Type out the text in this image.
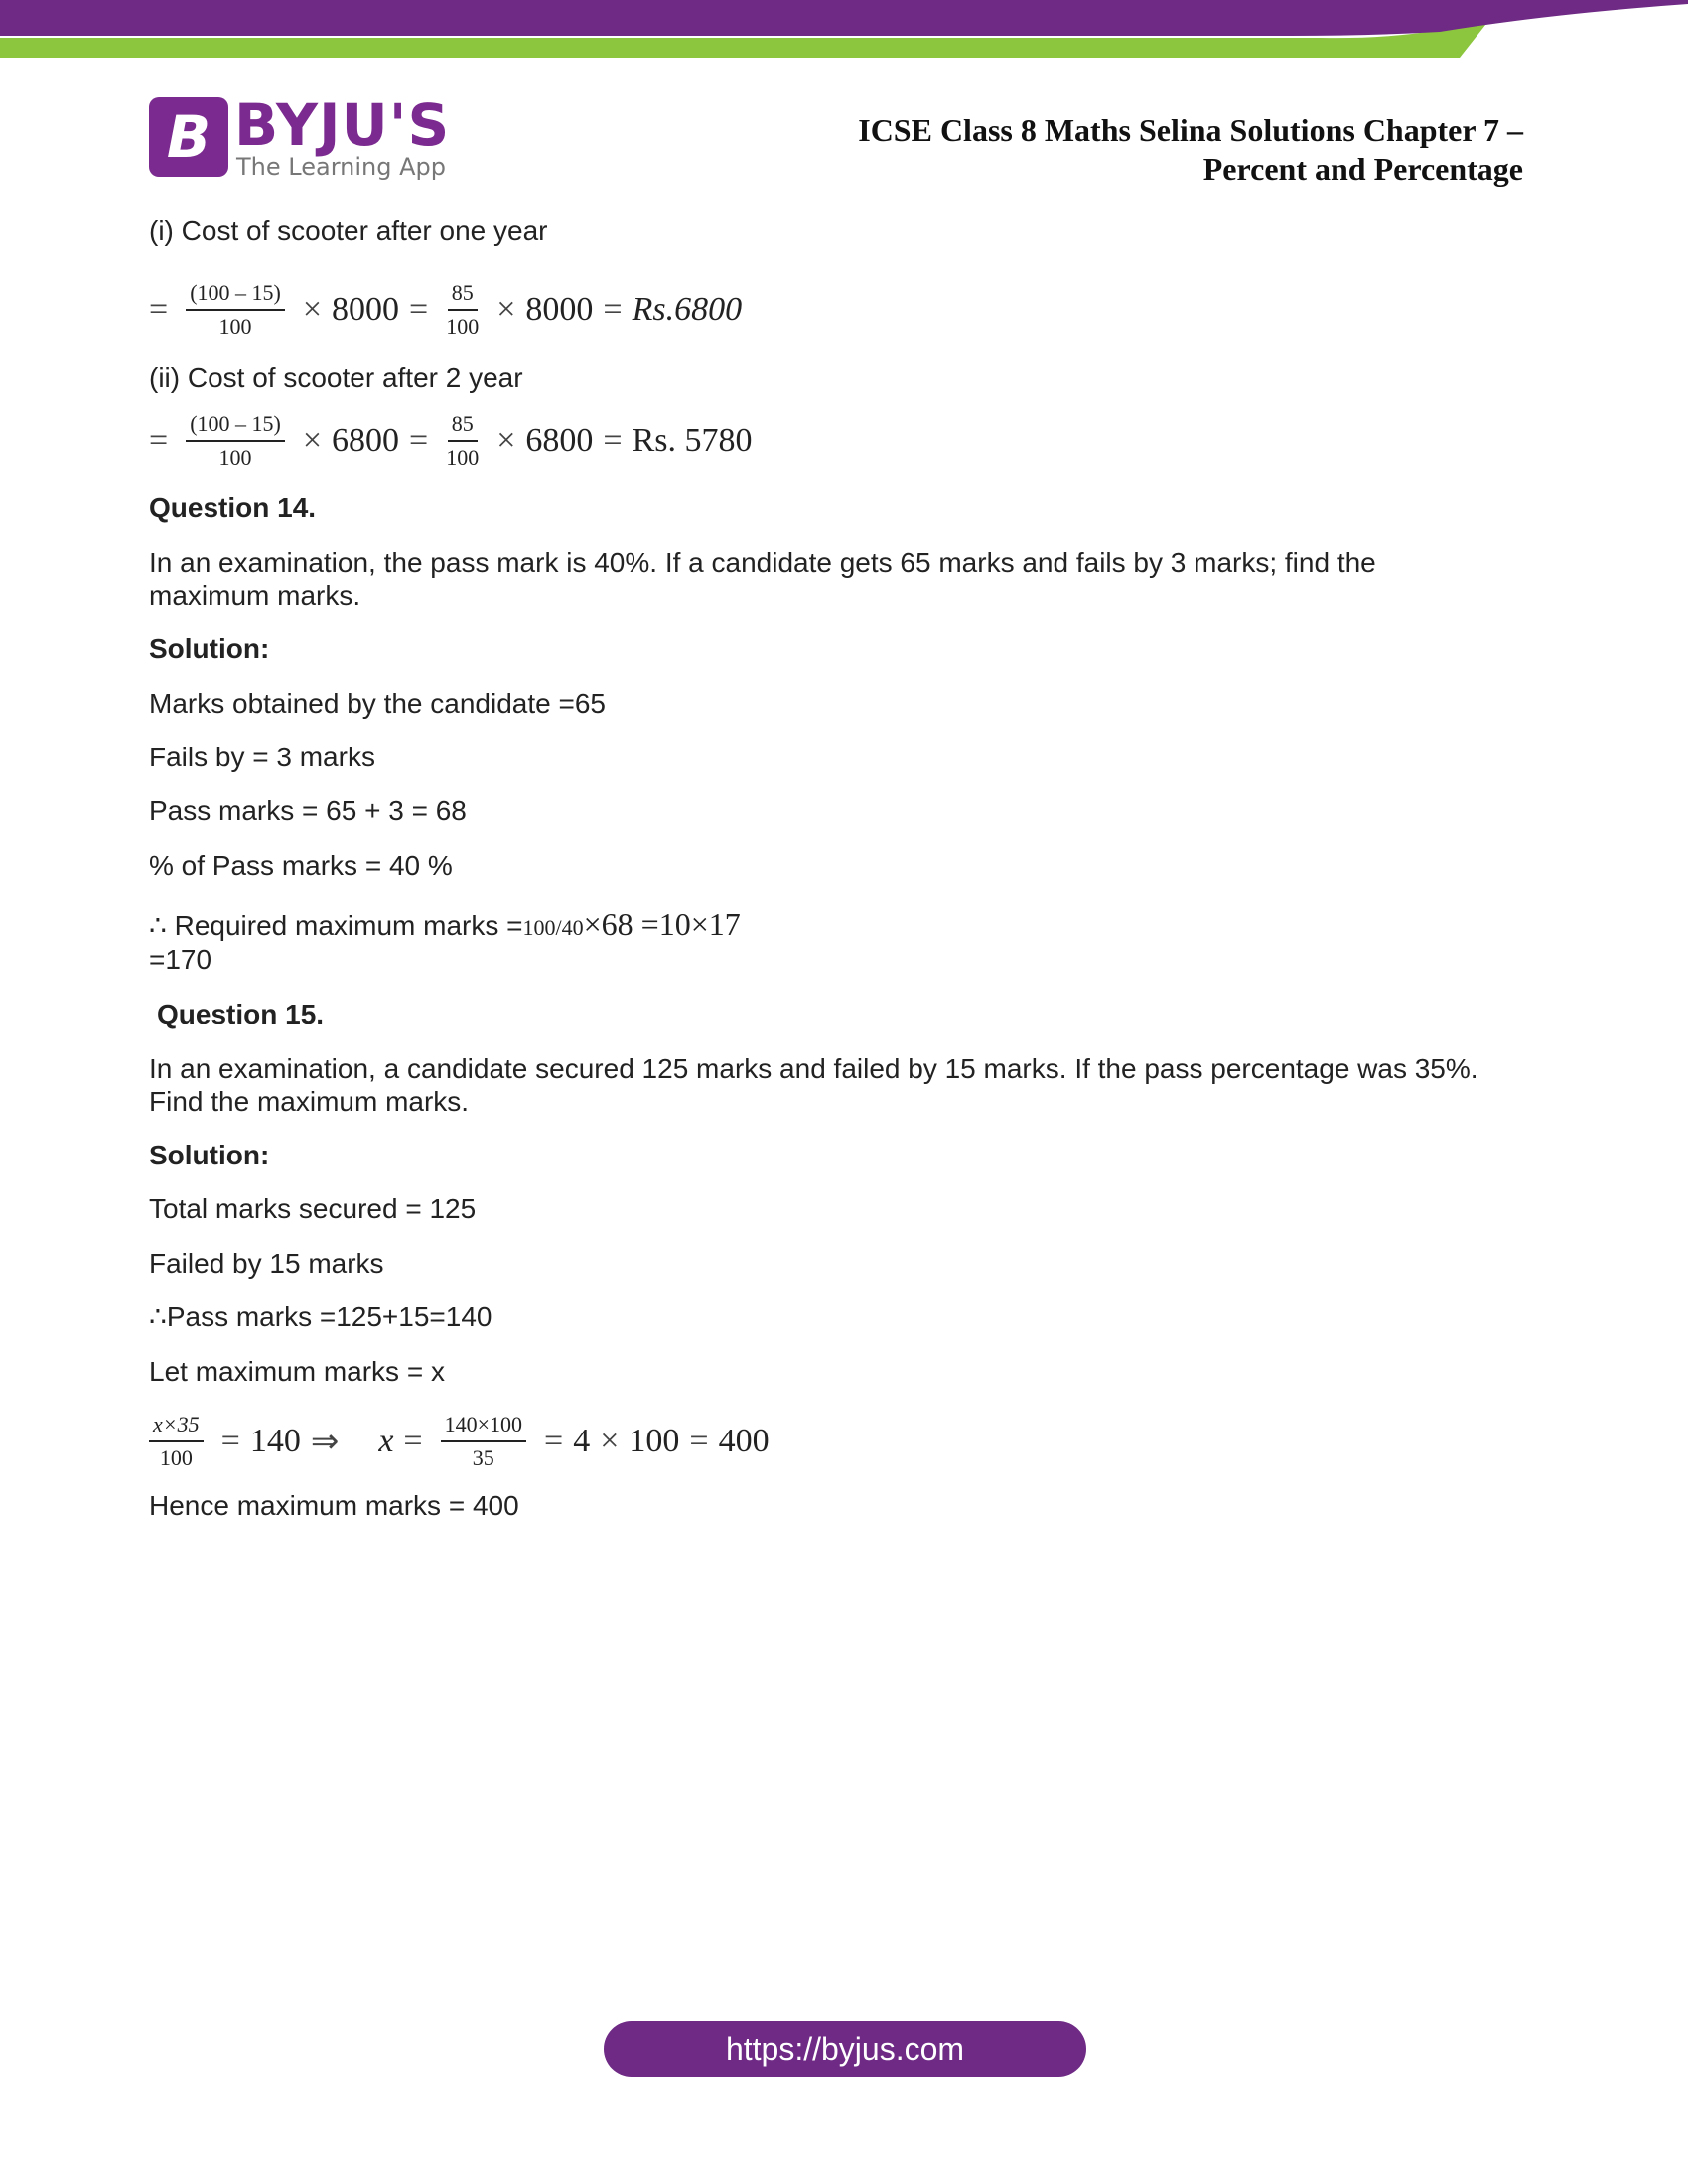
B BYJU'S
The Learning App
ICSE Class 8 Maths Selina Solutions Chapter 7 –
Percent and Percentage
(i) Cost of scooter after one year
= $\frac{(100 - 15)}{100} \times 8000 = \frac{85}{100} \times 8000 = Rs.6800$
(ii) Cost of scooter after 2 year
= $\frac{(100 - 15)}{100} \times 6800 = \frac{85}{100} \times 6800 = Rs$. 5780
Question 14.
In an examination, the pass mark is 40%. If a candidate gets 65 marks and fails by 3 marks; find the
maximum marks.
Solution:
Marks obtained by the candidate =65
Fails by = 3 marks
Pass marks = 65 + 3 = 68
% of Pass marks = 40 %
∴ Required maximum marks =100/40×68 =10×17
=170
Question 15.
In an examination, a candidate secured 125 marks and failed by 15 marks. If the pass percentage was 35%.
Find the maximum marks.
Solution:
Total marks secured = 125
Failed by 15 marks
∴Pass marks =125+15=140
Let maximum marks = x
$\frac{x\times 35}{100} = 140$ ⇒ $x = \frac{140\times 100}{35} = 4 \times 100 = 400$
Hence maximum marks = 400
https://byjus.com
